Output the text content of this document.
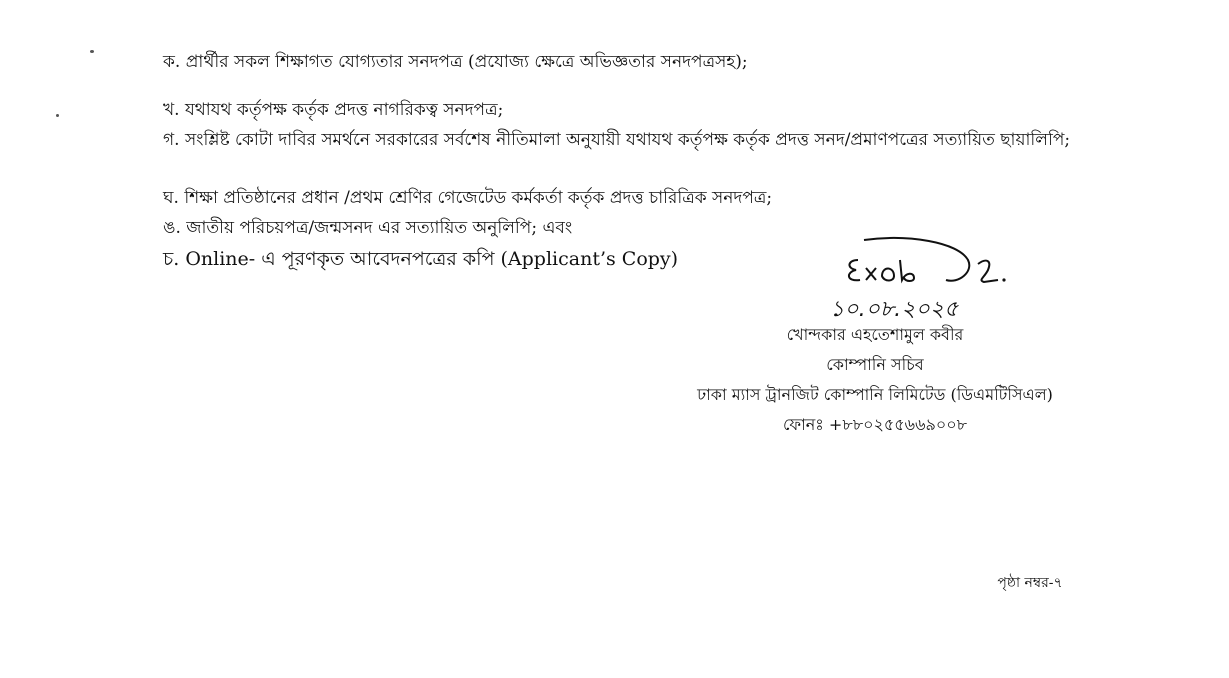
ক. প্রার্থীর সকল শিক্ষাগত যোগ্যতার সনদপত্র (প্রযোজ্য ক্ষেত্রে অভিজ্ঞতার সনদপত্রসহ);
খ. যথাযথ কর্তৃপক্ষ কর্তৃক প্রদত্ত নাগরিকত্ব সনদপত্র;
গ. সংশ্লিষ্ট কোটা দাবির সমর্থনে সরকারের সর্বশেষ নীতিমালা অনুযায়ী যথাযথ কর্তৃপক্ষ কর্তৃক প্রদত্ত সনদ/প্রমাণপত্রের সত্যায়িত ছায়ালিপি;
ঘ. শিক্ষা প্রতিষ্ঠানের প্রধান /প্রথম শ্রেণির গেজেটেড কর্মকর্তা কর্তৃক প্রদত্ত চারিত্রিক সনদপত্র;
ঙ. জাতীয় পরিচয়পত্র/জন্মসনদ এর সত্যায়িত অনুলিপি; এবং
চ. Online- এ পূরণকৃত আবেদনপত্রের কপি (Applicant’s Copy)
১০.০৮.২০২৫
খোন্দকার এহতেশামুল কবীর
কোম্পানি সচিব
ঢাকা ম্যাস ট্রানজিট কোম্পানি লিমিটেড (ডিএমটিসিএল)
ফোনঃ +৮৮০২৫৫৬৬৯০০৮
পৃষ্ঠা নম্বর-৭
